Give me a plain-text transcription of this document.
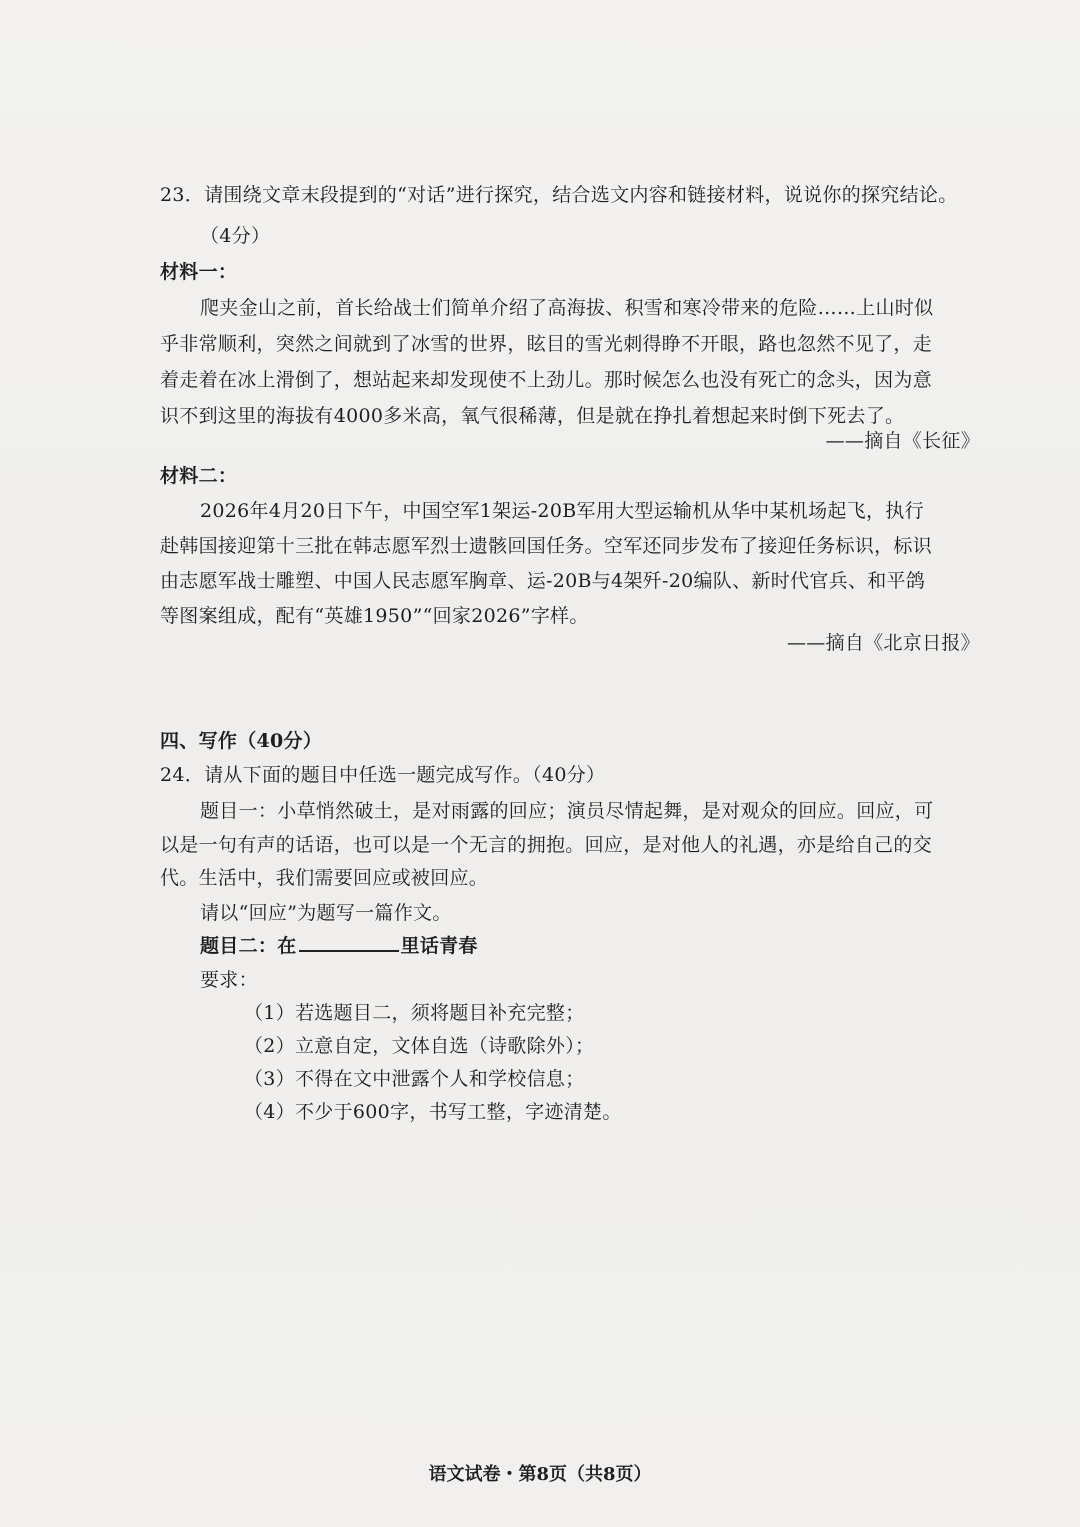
23．请围绕文章末段提到的“对话”进行探究，结合选文内容和链接材料，说说你的探究结论。
（4分）
材料一：
爬夹金山之前，首长给战士们简单介绍了高海拔、积雪和寒冷带来的危险……上山时似
乎非常顺利，突然之间就到了冰雪的世界，眩目的雪光刺得睁不开眼，路也忽然不见了，走
着走着在冰上滑倒了，想站起来却发现使不上劲儿。那时候怎么也没有死亡的念头，因为意
识不到这里的海拔有4000多米高，氧气很稀薄，但是就在挣扎着想起来时倒下死去了。
——摘自《长征》
材料二：
2026年4月20日下午，中国空军1架运-20B军用大型运输机从华中某机场起飞，执行
赴韩国接迎第十三批在韩志愿军烈士遗骸回国任务。空军还同步发布了接迎任务标识，标识
由志愿军战士雕塑、中国人民志愿军胸章、运-20B与4架歼-20编队、新时代官兵、和平鸽
等图案组成，配有“英雄1950”“回家2026”字样。
——摘自《北京日报》
四、写作（40分）
24．请从下面的题目中任选一题完成写作。（40分）
题目一：小草悄然破土，是对雨露的回应；演员尽情起舞，是对观众的回应。回应，可
以是一句有声的话语，也可以是一个无言的拥抱。回应，是对他人的礼遇，亦是给自己的交
代。生活中，我们需要回应或被回应。
请以“回应”为题写一篇作文。
题目二：在	里话青春
要求：
（1）若选题目二，须将题目补充完整；
（2）立意自定，文体自选（诗歌除外）；
（3）不得在文中泄露个人和学校信息；
（4）不少于600字，书写工整，字迹清楚。
语文试卷・第8页（共8页）
